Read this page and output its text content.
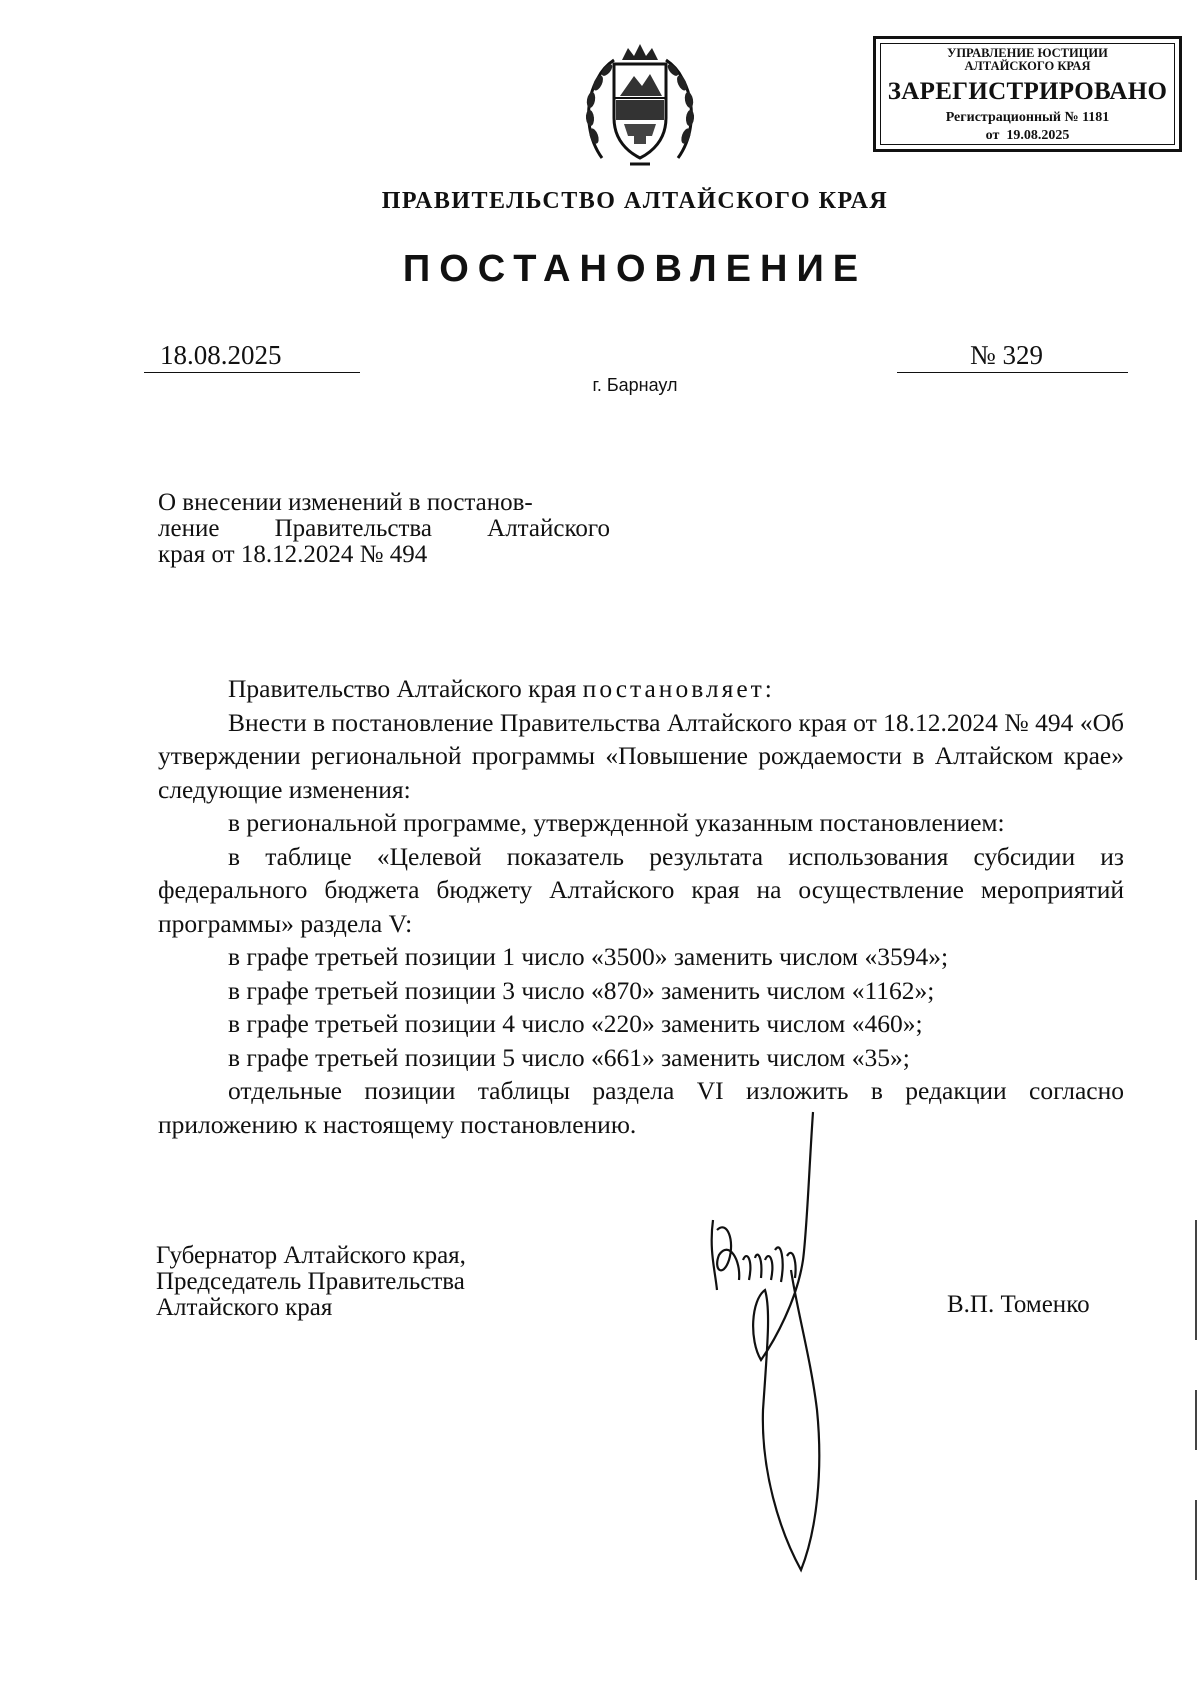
УПРАВЛЕНИЕ ЮСТИЦИИ
АЛТАЙСКОГО КРАЯ
ЗАРЕГИСТРИРОВАНО
Регистрационный № 1181
от  19.08.2025
ПРАВИТЕЛЬСТВО АЛТАЙСКОГО КРАЯ
ПОСТАНОВЛЕНИЕ
18.08.2025	№ 329
г. Барнаул
О внесении изменений в постанов-
ление Правительства Алтайского
края от 18.12.2024 № 494

Правительство Алтайского края постановляет:

Внести в постановление Правительства Алтайского края от 18.12.2024 № 494 «Об утверждении региональной программы «Повышение рождаемости в Алтайском крае» следующие изменения:

в региональной программе, утвержденной указанным постановлением:

в таблице «Целевой показатель результата использования субсидии из федерального бюджета бюджету Алтайского края на осуществление мероприятий программы» раздела V:

в графе третьей позиции 1 число «3500» заменить числом «3594»;

в графе третьей позиции 3 число «870» заменить числом «1162»;

в графе третьей позиции 4 число «220» заменить числом «460»;

в графе третьей позиции 5 число «661» заменить числом «35»;

отдельные позиции таблицы раздела VI изложить в редакции согласно приложению к настоящему постановлению.

Губернатор Алтайского края,
Председатель Правительства
Алтайского края	В.П. Томенко
